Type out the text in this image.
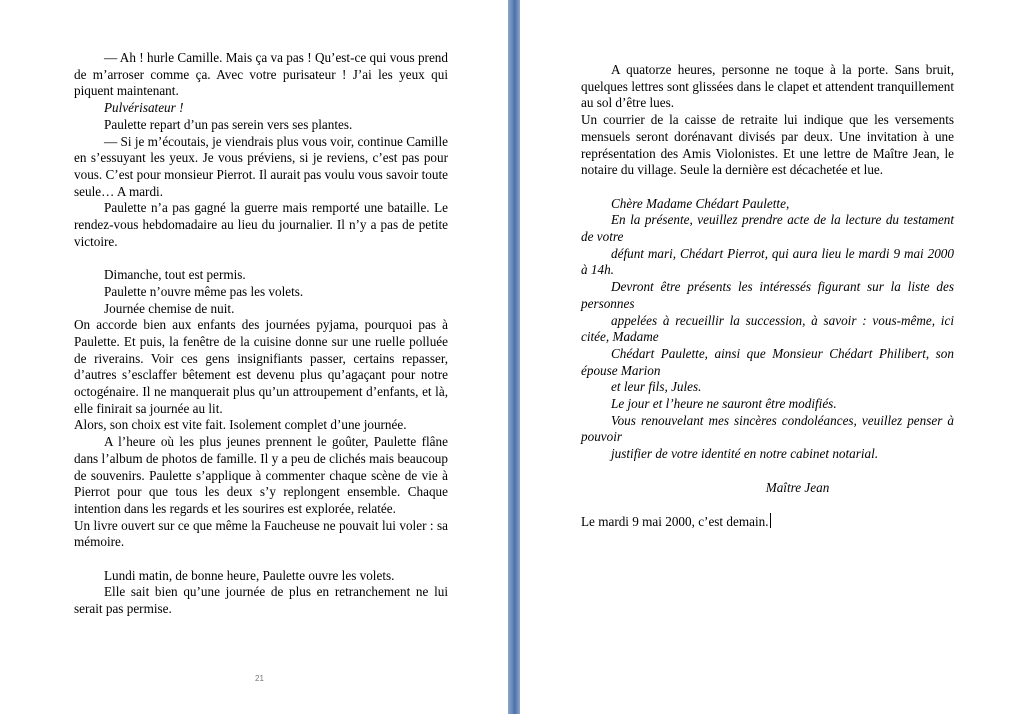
— Ah ! hurle Camille. Mais ça va pas ! Qu’est-ce qui vous prend de m’arroser comme ça. Avec votre purisateur ! J’ai les yeux qui piquent maintenant.

Pulvérisateur !

Paulette repart d’un pas serein vers ses plantes.

— Si je m’écoutais, je viendrais plus vous voir, continue Camille en s’essuyant les yeux. Je vous préviens, si je reviens, c’est pas pour vous. C’est pour monsieur Pierrot. Il aurait pas voulu vous savoir toute seule… A mardi.

Paulette n’a pas gagné la guerre mais remporté une bataille. Le rendez-vous hebdomadaire au lieu du journalier. Il n’y a pas de petite victoire.

Dimanche, tout est permis.

Paulette n’ouvre même pas les volets.

Journée chemise de nuit.

On accorde bien aux enfants des journées pyjama, pourquoi pas à Paulette. Et puis, la fenêtre de la cuisine donne sur une ruelle polluée de riverains. Voir ces gens insignifiants passer, certains repasser, d’autres s’esclaffer bêtement est devenu plus qu’agaçant pour notre octogénaire. Il ne manquerait plus qu’un attroupement d’enfants, et là, elle finirait sa journée au lit.

Alors, son choix est vite fait. Isolement complet d’une journée.

A l’heure où les plus jeunes prennent le goûter, Paulette flâne dans l’album de photos de famille. Il y a peu de clichés mais beaucoup de souvenirs. Paulette s’applique à commenter chaque scène de vie à Pierrot pour que tous les deux s’y replongent ensemble. Chaque intention dans les regards et les sourires est explorée, relatée.

Un livre ouvert sur ce que même la Faucheuse ne pouvait lui voler : sa mémoire.

Lundi matin, de bonne heure, Paulette ouvre les volets.

Elle sait bien qu’une journée de plus en retranchement ne lui serait pas permise.

21

A quatorze heures, personne ne toque à la porte. Sans bruit, quelques lettres sont glissées dans le clapet et attendent tranquillement au sol d’être lues.

Un courrier de la caisse de retraite lui indique que les versements mensuels seront dorénavant divisés par deux. Une invitation à une représentation des Amis Violonistes. Et une lettre de Maître Jean, le notaire du village. Seule la dernière est décachetée et lue.

Chère Madame Chédart Paulette,

En la présente, veuillez prendre acte de la lecture du testament de votre

défunt mari, Chédart Pierrot, qui aura lieu le mardi 9 mai 2000 à 14h.

Devront être présents les intéressés figurant sur la liste des personnes

appelées à recueillir la succession, à savoir : vous-même, ici citée, Madame

Chédart Paulette, ainsi que Monsieur Chédart Philibert, son épouse Marion

et leur fils, Jules.

Le jour et l’heure ne sauront être modifiés.

Vous renouvelant mes sincères condoléances, veuillez penser à pouvoir

justifier de votre identité en notre cabinet notarial.

Maître Jean

Le mardi 9 mai 2000, c’est demain.
